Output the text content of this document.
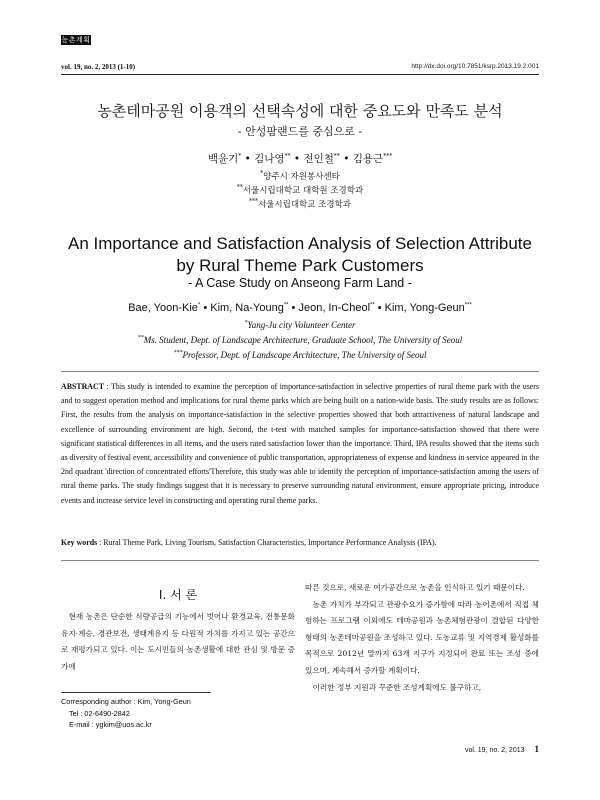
농촌계획
vol. 19, no. 2, 2013 (1-10)	http://dx.doi.org/10.7851/ksrp.2013.19.2.001
농촌테마공원 이용객의 선택속성에 대한 중요도와 만족도 분석
- 안성팜랜드를 중심으로 -
백윤기* • 김나영** • 전인철** • 김용근***
*양주시 자원봉사센타
**서울시립대학교 대학원 조경학과
***서울시립대학교 조경학과
An Importance and Satisfaction Analysis of Selection Attribute
by Rural Theme Park Customers
- A Case Study on Anseong Farm Land -
Bae, Yoon-Kie* • Kim, Na-Young** • Jeon, In-Cheol** • Kim, Yong-Geun***
*Yang-Ju city Volunteer Center
**Ms. Student, Dept. of Landscape Architecture, Graduate School, The University of Seoul
***Professor, Dept. of Landscape Architecture, The University of Seoul
ABSTRACT : This study is intended to examine the perception of importance-satisfaction in selective properties of rural theme park with the users and to suggest operation method and implications for rural theme parks which are being built on a nation-wide basis. The study results are as follows: First, the results from the analysis on importance-satisfaction in the selective properties showed that both attractiveness of natural landscape and excellence of surrounding environment are high. Second, the t-test with matched samples for importance-satisfaction showed that there were significant statistical differences in all items, and the users rated satisfaction lower than the importance. Third, IPA results showed that the items such as diversity of festival event, accessibility and convenience of public transportation, appropriateness of expense and kindness in service appeared in the 2nd quadrant 'direction of concentrated efforts'Therefore, this study was able to identify the perception of importance-satisfaction among the users of rural theme parks. The study findings suggest that it is necessary to preserve surrounding natural environment, ensure appropriate pricing, introduce events and increase service level in constructing and operating rural theme parks.
Key words : Rural Theme Park, Living Tourism, Satisfaction Characteristics, Importance Performance Analysis (IPA).
Ⅰ. 서 론

현재 농촌은 단순한 식량공급의 기능에서 벗어나 환경교육, 전통문화 유지·계승, 경관보전, 생태계유지 등 다원적 가치를 가지고 있는 공간으로 재평가되고 있다. 이는 도시민들의 농촌생활에 대한 관심 및 방문 증가에

따른 것으로, 새로운 여가공간으로 농촌을 인식하고 있기 때문이다.

농촌 가치가 부각되고 관광수요가 증가함에 따라 농어촌에서 직접 체험하는 프로그램 이외에도 테마공원과 농촌체험관광이 결합된 다양한 형태의 농촌테마공원을 조성하고 있다. 도농교류 및 지역경제 활성화를 목적으로 2012년 말까지 63개 지구가 지정되어 완료 또는 조성 중에 있으며, 계속해서 증가할 계획이다.

이러한 정부 지원과 꾸준한 조성계획에도 불구하고,

Corresponding author : Kim, Yong-Geun
Tel : 02-6490-2842
E-mail : ygkim@uos.ac.kr
vol. 19, no. 2, 2013 1
